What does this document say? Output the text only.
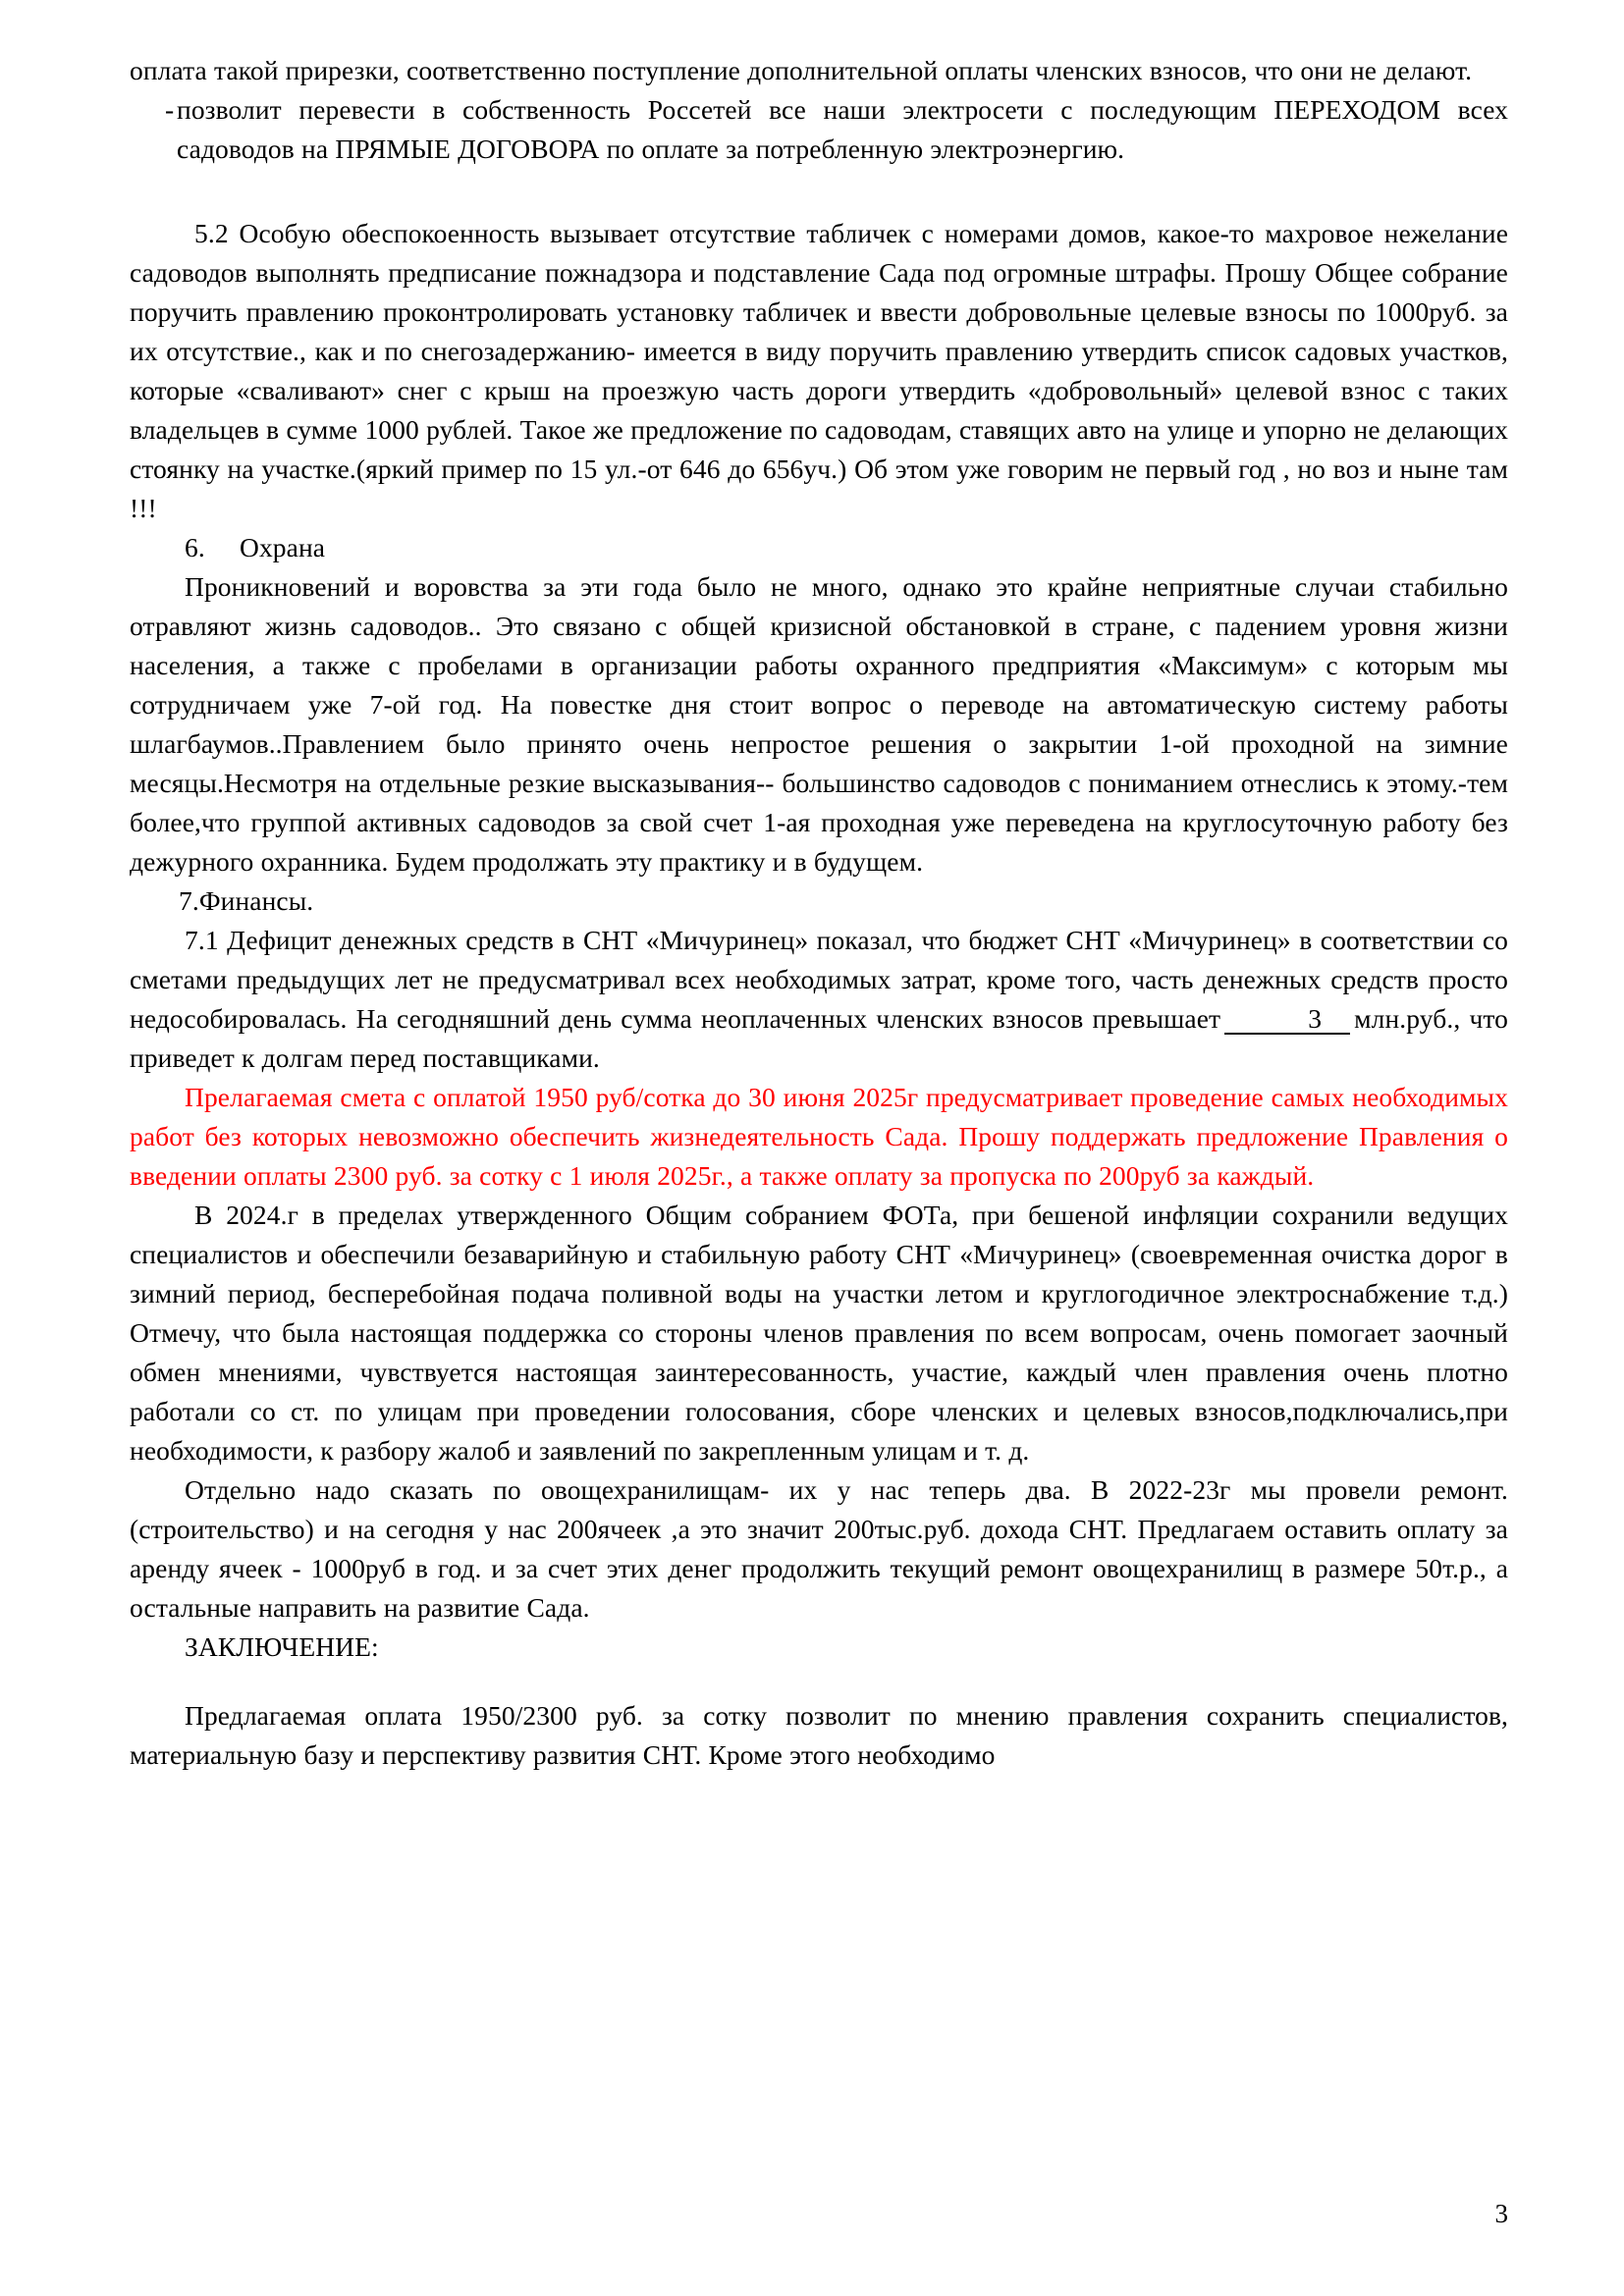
оплата такой прирезки, соответственно поступление дополнительной оплаты членских взносов, что они не делают.

- позволит перевести в собственность Россетей все наши электросети с последующим ПЕРЕХОДОМ всех садоводов на ПРЯМЫЕ ДОГОВОРА по оплате за потребленную электроэнергию.

5.2 Особую обеспокоенность вызывает отсутствие табличек с номерами домов, какое-то махровое нежелание садоводов выполнять предписание пожнадзора и подставление Сада под огромные штрафы. Прошу Общее собрание поручить правлению проконтролировать установку табличек и ввести добровольные целевые взносы по 1000руб. за их отсутствие., как и по снегозадержанию- имеется в виду поручить правлению утвердить список садовых участков, которые «сваливают» снег с крыш на проезжую часть дороги утвердить «добровольный» целевой взнос с таких владельцев в сумме 1000 рублей. Такое же предложение по садоводам, ставящих авто на улице и упорно не делающих стоянку на участке.(яркий пример по 15 ул.-от 646 до 656уч.) Об этом уже говорим не первый год , но воз и ныне там !!!

6.	Охрана

Проникновений и воровства за эти года было не много, однако это крайне неприятные случаи стабильно отравляют жизнь садоводов.. Это связано с общей кризисной обстановкой в стране, с падением уровня жизни населения, а также с пробелами в организации работы охранного предприятия «Максимум» с которым мы сотрудничаем уже 7-ой год. На повестке дня стоит вопрос о переводе на автоматическую систему работы шлагбаумов..Правлением было принято очень непростое решения о закрытии 1-ой проходной на зимние месяцы.Несмотря на отдельные резкие высказывания-- большинство садоводов с пониманием отнеслись к этому.-тем более,что группой активных садоводов за свой счет 1-ая проходная уже переведена на круглосуточную работу без дежурного охранника. Будем продолжать эту практику и в будущем.

7.Финансы.

7.1 Дефицит денежных средств в СНТ «Мичуринец» показал, что бюджет СНТ «Мичуринец» в соответствии со сметами предыдущих лет не предусматривал всех необходимых затрат, кроме того, часть денежных средств просто недособировалась. На сегодняшний день сумма неоплаченных членских взносов превышает	3 млн.руб., что приведет к долгам перед поставщиками.

Прелагаемая смета с оплатой 1950 руб/сотка до 30 июня 2025г предусматривает проведение самых необходимых работ без которых невозможно обеспечить жизнедеятельность Сада. Прошу поддержать предложение Правления о введении оплаты 2300 руб. за сотку с 1 июля 2025г., а также оплату за пропуска по 200руб за каждый.

В 2024.г в пределах утвержденного Общим собранием ФОТа, при бешеной инфляции сохранили ведущих специалистов и обеспечили безаварийную и стабильную работу СНТ «Мичуринец» (своевременная очистка дорог в зимний период, бесперебойная подача поливной воды на участки летом и круглогодичное электроснабжение т.д.) Отмечу, что была настоящая поддержка со стороны членов правления по всем вопросам, очень помогает заочный обмен мнениями, чувствуется настоящая заинтересованность, участие, каждый член правления очень плотно работали со ст. по улицам при проведении голосования, сборе членских и целевых взносов,подключались,при необходимости, к разбору жалоб и заявлений по закрепленным улицам и т. д.

Отдельно надо сказать по овощехранилищам- их у нас теперь два. В 2022-23г мы провели ремонт.(строительство) и на сегодня у нас 200ячеек ,а это значит 200тыс.руб. дохода СНТ. Предлагаем оставить оплату за аренду ячеек - 1000руб в год. и за счет этих денег продолжить текущий ремонт овощехранилищ в размере 50т.р., а остальные направить на развитие Сада.

ЗАКЛЮЧЕНИЕ:

Предлагаемая оплата 1950/2300 руб. за сотку позволит по мнению правления сохранить специалистов, материальную базу и перспективу развития СНТ. Кроме этого необходимо

3
